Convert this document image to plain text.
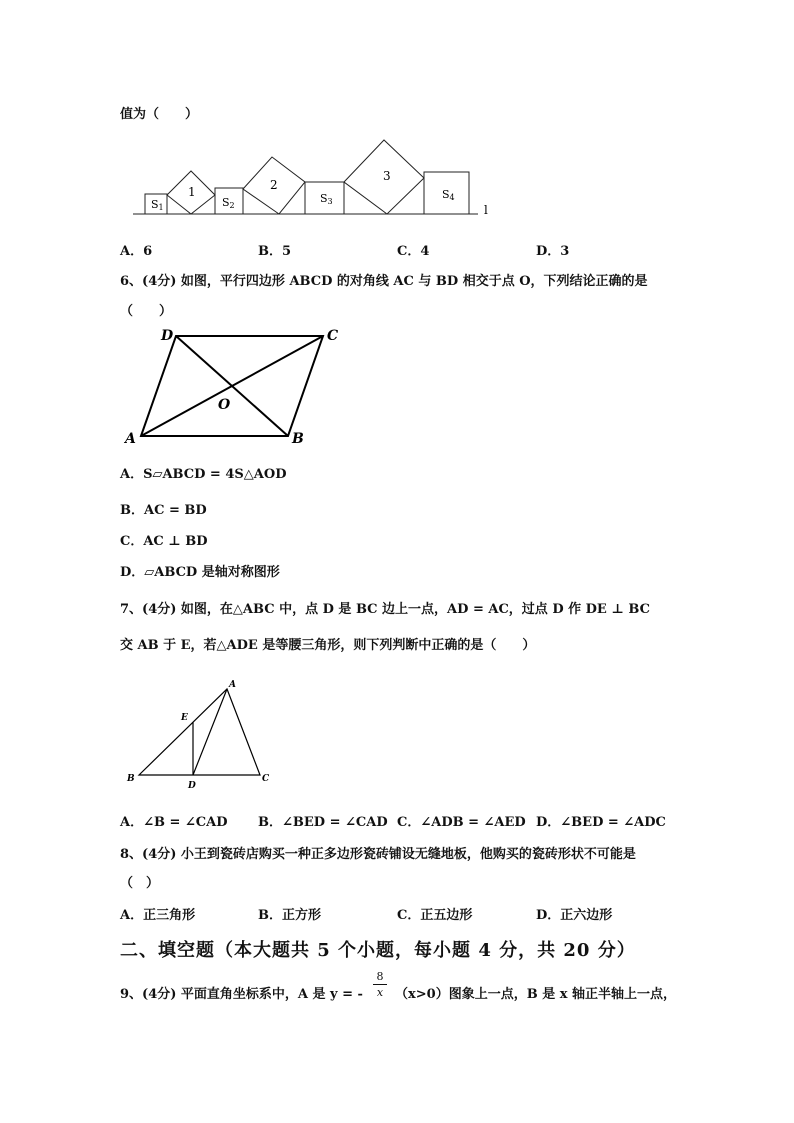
值为（　　）
S1
1
S2
2
S3
3
S4
l
A．6	B．5	C．4	D．3
6、(4分) 如图，平行四边形 ABCD 的对角线 AC 与 BD 相交于点 O，下列结论正确的是
（　　）
D	C
O
A	B
A．S▱ABCD = 4S△AOD
B．AC = BD
C．AC ⊥ BD
D．▱ABCD 是轴对称图形
7、(4分) 如图，在△ABC 中，点 D 是 BC 边上一点，AD = AC，过点 D 作 DE ⊥ BC
交 AB 于 E，若△ADE 是等腰三角形，则下列判断中正确的是（　　）
A
E
B
D
C
A．∠B = ∠CAD B．∠BED = ∠CAD C．∠ADB = ∠AED D．∠BED = ∠ADC
8、(4分) 小王到瓷砖店购买一种正多边形瓷砖铺设无缝地板，他购买的瓷砖形状不可能是
（　）
A．正三角形	B．正方形	C．正五边形	D．正六边形
二、填空题（本大题共 5 个小题，每小题 4 分，共 20 分）
9、(4分) 平面直角坐标系中，A 是 y = - $\frac{8}{x} (x>0)$图象上一点，B 是 x 轴正半轴上一点，
